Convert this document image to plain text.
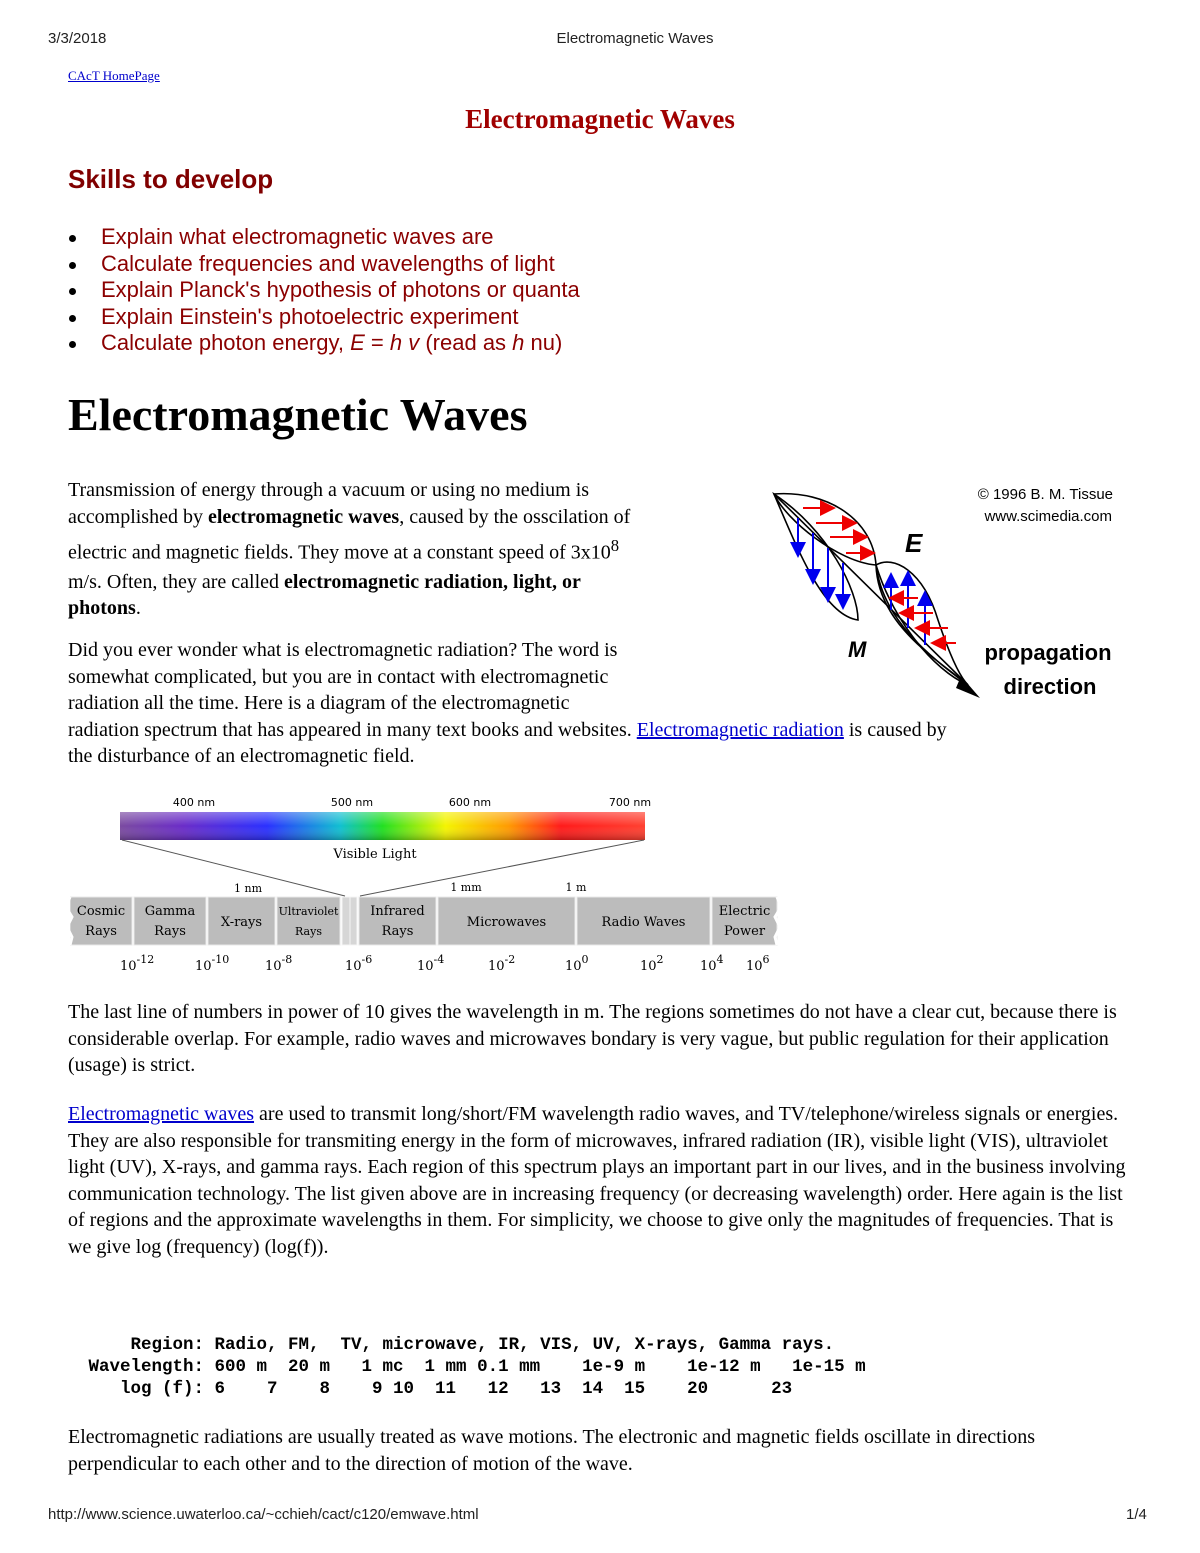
3/3/2018	Electromagnetic Waves
CAcT HomePage
Electromagnetic Waves
Skills to develop
Explain what electromagnetic waves are
Calculate frequencies and wavelengths of light
Explain Planck's hypothesis of photons or quanta
Explain Einstein's photoelectric experiment
Calculate photon energy, E = h v (read as h nu)
Electromagnetic Waves
Transmission of energy through a vacuum or using no medium is
accomplished by electromagnetic waves, caused by the osscilation of
electric and magnetic fields. They move at a constant speed of $3x10^8$
m/s. Often, they are called electromagnetic radiation, light, or
photons.
© 1996 B. M. Tissue
www.scimedia.com
E
M	propagation
direction
Did you ever wonder what is electromagnetic radiation? The word is
somewhat complicated, but you are in contact with electromagnetic
radiation all the time. Here is a diagram of the electromagnetic
radiation spectrum that has appeared in many text books and websites. Electromagnetic radiation is caused by
the disturbance of an electromagnetic field.
400 nm	500 nm	600 nm	700 nm
Visible Light
1 nm	1 mm	1 m
Cosmic
Rays
Gamma
Rays
X-rays
Ultraviolet
Rays
Infrared
Rays
Microwaves	Radio Waves
Electric
Power
$10^{-12}$	$10^{-10}$	$10^{-8}$	$10^{-6}$	$10^{-4}$	$10^{-2}$	$10^0$	$10^2$	$10^4$ $10^6$
The last line of numbers in power of 10 gives the wavelength in m. The regions sometimes do not have a clear cut, because there is considerable overlap. For example, radio waves and microwaves bondary is very vague, but public regulation for their application (usage) is strict.
Electromagnetic waves are used to transmit long/short/FM wavelength radio waves, and TV/telephone/wireless signals or energies. They are also responsible for transmiting energy in the form of microwaves, infrared radiation (IR), visible light (VIS), ultraviolet light (UV), X-rays, and gamma rays. Each region of this spectrum plays an important part in our lives, and in the business involving communication technology. The list given above are in increasing frequency (or decreasing wavelength) order. Here again is the list of regions and the approximate wavelengths in them. For simplicity, we choose to give only the magnitudes of frequencies. That is we give log (frequency) (log(f)).
Region: Radio, FM,  TV, microwave, IR, VIS, UV, X-rays, Gamma rays.
Wavelength: 600 m  20 m   1 mc  1 mm 0.1 mm    1e-9 m    1e-12 m   1e-15 m
log (f): 6    7    8    9 10  11   12   13  14  15    20      23
Electromagnetic radiations are usually treated as wave motions. The electronic and magnetic fields oscillate in directions perpendicular to each other and to the direction of motion of the wave.
http://www.science.uwaterloo.ca/~cchieh/cact/c120/emwave.html	1/4
